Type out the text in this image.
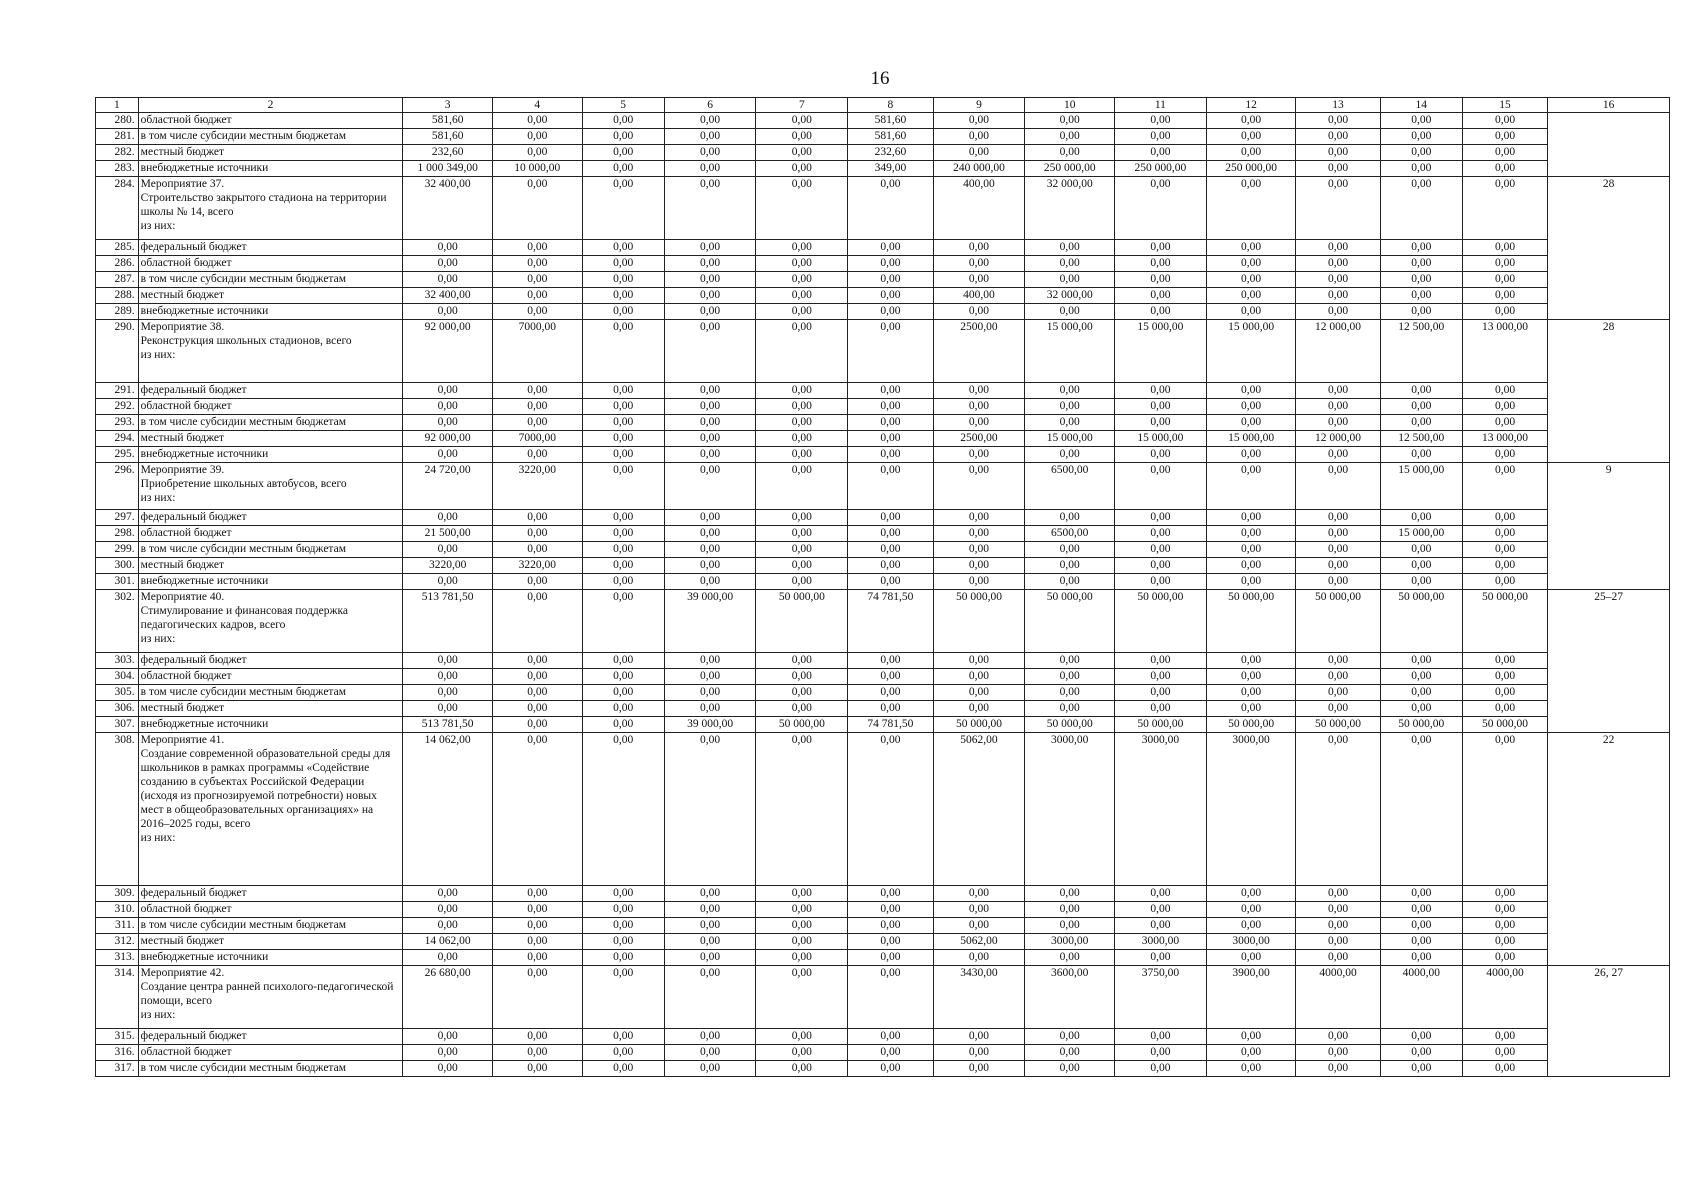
16
1	2	3	4	5	6	7	8	9	10	11	12	13	14	15	16
280.	областной бюджет	581,60	0,00	0,00	0,00	0,00	581,60	0,00	0,00	0,00	0,00	0,00	0,00	0,00	
281.	в том числе субсидии местным бюджетам	581,60	0,00	0,00	0,00	0,00	581,60	0,00	0,00	0,00	0,00	0,00	0,00	0,00	
282.	местный бюджет	232,60	0,00	0,00	0,00	0,00	232,60	0,00	0,00	0,00	0,00	0,00	0,00	0,00	
283.	внебюджетные источники	1 000 349,00	10 000,00	0,00	0,00	0,00	349,00	240 000,00	250 000,00	250 000,00	250 000,00	0,00	0,00	0,00	
284.	Мероприятие 37.
Строительство закрытого стадиона на территории школы № 14, всего
из них:	32 400,00	0,00	0,00	0,00	0,00	0,00	400,00	32 000,00	0,00	0,00	0,00	0,00	0,00	28
285.	федеральный бюджет	0,00	0,00	0,00	0,00	0,00	0,00	0,00	0,00	0,00	0,00	0,00	0,00	0,00	
286.	областной бюджет	0,00	0,00	0,00	0,00	0,00	0,00	0,00	0,00	0,00	0,00	0,00	0,00	0,00	
287.	в том числе субсидии местным бюджетам	0,00	0,00	0,00	0,00	0,00	0,00	0,00	0,00	0,00	0,00	0,00	0,00	0,00	
288.	местный бюджет	32 400,00	0,00	0,00	0,00	0,00	0,00	400,00	32 000,00	0,00	0,00	0,00	0,00	0,00	
289.	внебюджетные источники	0,00	0,00	0,00	0,00	0,00	0,00	0,00	0,00	0,00	0,00	0,00	0,00	0,00	
290.	Мероприятие 38.
Реконструкция школьных стадионов, всего
из них:	92 000,00	7000,00	0,00	0,00	0,00	0,00	2500,00	15 000,00	15 000,00	15 000,00	12 000,00	12 500,00	13 000,00	28
291.	федеральный бюджет	0,00	0,00	0,00	0,00	0,00	0,00	0,00	0,00	0,00	0,00	0,00	0,00	0,00	
292.	областной бюджет	0,00	0,00	0,00	0,00	0,00	0,00	0,00	0,00	0,00	0,00	0,00	0,00	0,00	
293.	в том числе субсидии местным бюджетам	0,00	0,00	0,00	0,00	0,00	0,00	0,00	0,00	0,00	0,00	0,00	0,00	0,00	
294.	местный бюджет	92 000,00	7000,00	0,00	0,00	0,00	0,00	2500,00	15 000,00	15 000,00	15 000,00	12 000,00	12 500,00	13 000,00	
295.	внебюджетные источники	0,00	0,00	0,00	0,00	0,00	0,00	0,00	0,00	0,00	0,00	0,00	0,00	0,00	
296.	Мероприятие 39.
Приобретение школьных автобусов, всего
из них:	24 720,00	3220,00	0,00	0,00	0,00	0,00	0,00	6500,00	0,00	0,00	0,00	15 000,00	0,00	9
297.	федеральный бюджет	0,00	0,00	0,00	0,00	0,00	0,00	0,00	0,00	0,00	0,00	0,00	0,00	0,00	
298.	областной бюджет	21 500,00	0,00	0,00	0,00	0,00	0,00	0,00	6500,00	0,00	0,00	0,00	15 000,00	0,00	
299.	в том числе субсидии местным бюджетам	0,00	0,00	0,00	0,00	0,00	0,00	0,00	0,00	0,00	0,00	0,00	0,00	0,00	
300.	местный бюджет	3220,00	3220,00	0,00	0,00	0,00	0,00	0,00	0,00	0,00	0,00	0,00	0,00	0,00	
301.	внебюджетные источники	0,00	0,00	0,00	0,00	0,00	0,00	0,00	0,00	0,00	0,00	0,00	0,00	0,00	
302.	Мероприятие 40.
Стимулирование и финансовая поддержка педагогических кадров, всего
из них:	513 781,50	0,00	0,00	39 000,00	50 000,00	74 781,50	50 000,00	50 000,00	50 000,00	50 000,00	50 000,00	50 000,00	50 000,00	25–27
303.	федеральный бюджет	0,00	0,00	0,00	0,00	0,00	0,00	0,00	0,00	0,00	0,00	0,00	0,00	0,00	
304.	областной бюджет	0,00	0,00	0,00	0,00	0,00	0,00	0,00	0,00	0,00	0,00	0,00	0,00	0,00	
305.	в том числе субсидии местным бюджетам	0,00	0,00	0,00	0,00	0,00	0,00	0,00	0,00	0,00	0,00	0,00	0,00	0,00	
306.	местный бюджет	0,00	0,00	0,00	0,00	0,00	0,00	0,00	0,00	0,00	0,00	0,00	0,00	0,00	
307.	внебюджетные источники	513 781,50	0,00	0,00	39 000,00	50 000,00	74 781,50	50 000,00	50 000,00	50 000,00	50 000,00	50 000,00	50 000,00	50 000,00	
308.	Мероприятие 41.
Создание современной образовательной среды для школьников в рамках программы «Содействие созданию в субъектах Российской Федерации (исходя из прогнозируемой потребности) новых мест в общеобразовательных организациях» на 2016–2025 годы, всего
из них:	14 062,00	0,00	0,00	0,00	0,00	0,00	5062,00	3000,00	3000,00	3000,00	0,00	0,00	0,00	22
309.	федеральный бюджет	0,00	0,00	0,00	0,00	0,00	0,00	0,00	0,00	0,00	0,00	0,00	0,00	0,00	
310.	областной бюджет	0,00	0,00	0,00	0,00	0,00	0,00	0,00	0,00	0,00	0,00	0,00	0,00	0,00	
311.	в том числе субсидии местным бюджетам	0,00	0,00	0,00	0,00	0,00	0,00	0,00	0,00	0,00	0,00	0,00	0,00	0,00	
312.	местный бюджет	14 062,00	0,00	0,00	0,00	0,00	0,00	5062,00	3000,00	3000,00	3000,00	0,00	0,00	0,00	
313.	внебюджетные источники	0,00	0,00	0,00	0,00	0,00	0,00	0,00	0,00	0,00	0,00	0,00	0,00	0,00	
314.	Мероприятие 42.
Создание центра ранней психолого-педагогической помощи, всего
из них:	26 680,00	0,00	0,00	0,00	0,00	0,00	3430,00	3600,00	3750,00	3900,00	4000,00	4000,00	4000,00	26, 27
315.	федеральный бюджет	0,00	0,00	0,00	0,00	0,00	0,00	0,00	0,00	0,00	0,00	0,00	0,00	0,00	
316.	областной бюджет	0,00	0,00	0,00	0,00	0,00	0,00	0,00	0,00	0,00	0,00	0,00	0,00	0,00	
317.	в том числе субсидии местным бюджетам	0,00	0,00	0,00	0,00	0,00	0,00	0,00	0,00	0,00	0,00	0,00	0,00	0,00	
